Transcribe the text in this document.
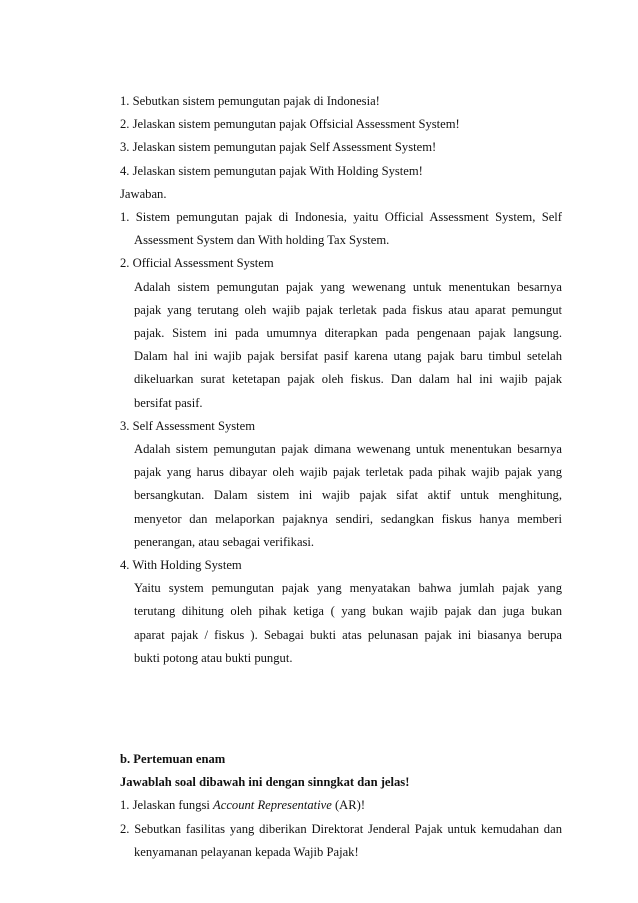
1. Sebutkan sistem pemungutan pajak di Indonesia!
2. Jelaskan sistem pemungutan pajak Offsicial Assessment System!
3. Jelaskan sistem pemungutan pajak Self Assessment System!
4. Jelaskan sistem pemungutan pajak With Holding System!
Jawaban.
1. Sistem pemungutan pajak di Indonesia, yaitu Official Assessment System, Self
Assessment System dan With holding Tax System.
2. Official Assessment System
Adalah sistem pemungutan pajak yang wewenang untuk menentukan besarnya
pajak yang terutang oleh wajib pajak terletak pada fiskus atau aparat pemungut
pajak. Sistem ini pada umumnya diterapkan pada pengenaan pajak langsung.
Dalam hal ini wajib pajak bersifat pasif karena utang pajak baru timbul setelah
dikeluarkan surat ketetapan pajak oleh fiskus. Dan dalam hal ini wajib pajak
bersifat pasif.
3. Self Assessment System
Adalah sistem pemungutan pajak dimana wewenang untuk menentukan besarnya
pajak yang harus dibayar oleh wajib pajak terletak pada pihak wajib pajak yang
bersangkutan. Dalam sistem ini wajib pajak sifat aktif untuk menghitung,
menyetor dan melaporkan pajaknya sendiri, sedangkan fiskus hanya memberi
penerangan, atau sebagai verifikasi.
4. With Holding System
Yaitu system pemungutan pajak yang menyatakan bahwa jumlah pajak yang
terutang dihitung oleh pihak ketiga ( yang bukan wajib pajak dan juga bukan
aparat pajak / fiskus ). Sebagai bukti atas pelunasan pajak ini biasanya berupa
bukti potong atau bukti pungut.
b. Pertemuan enam
Jawablah soal dibawah ini dengan sinngkat dan jelas!
1. Jelaskan fungsi Account Representative (AR)!
2. Sebutkan fasilitas yang diberikan Direktorat Jenderal Pajak untuk kemudahan dan
kenyamanan pelayanan kepada Wajib Pajak!
